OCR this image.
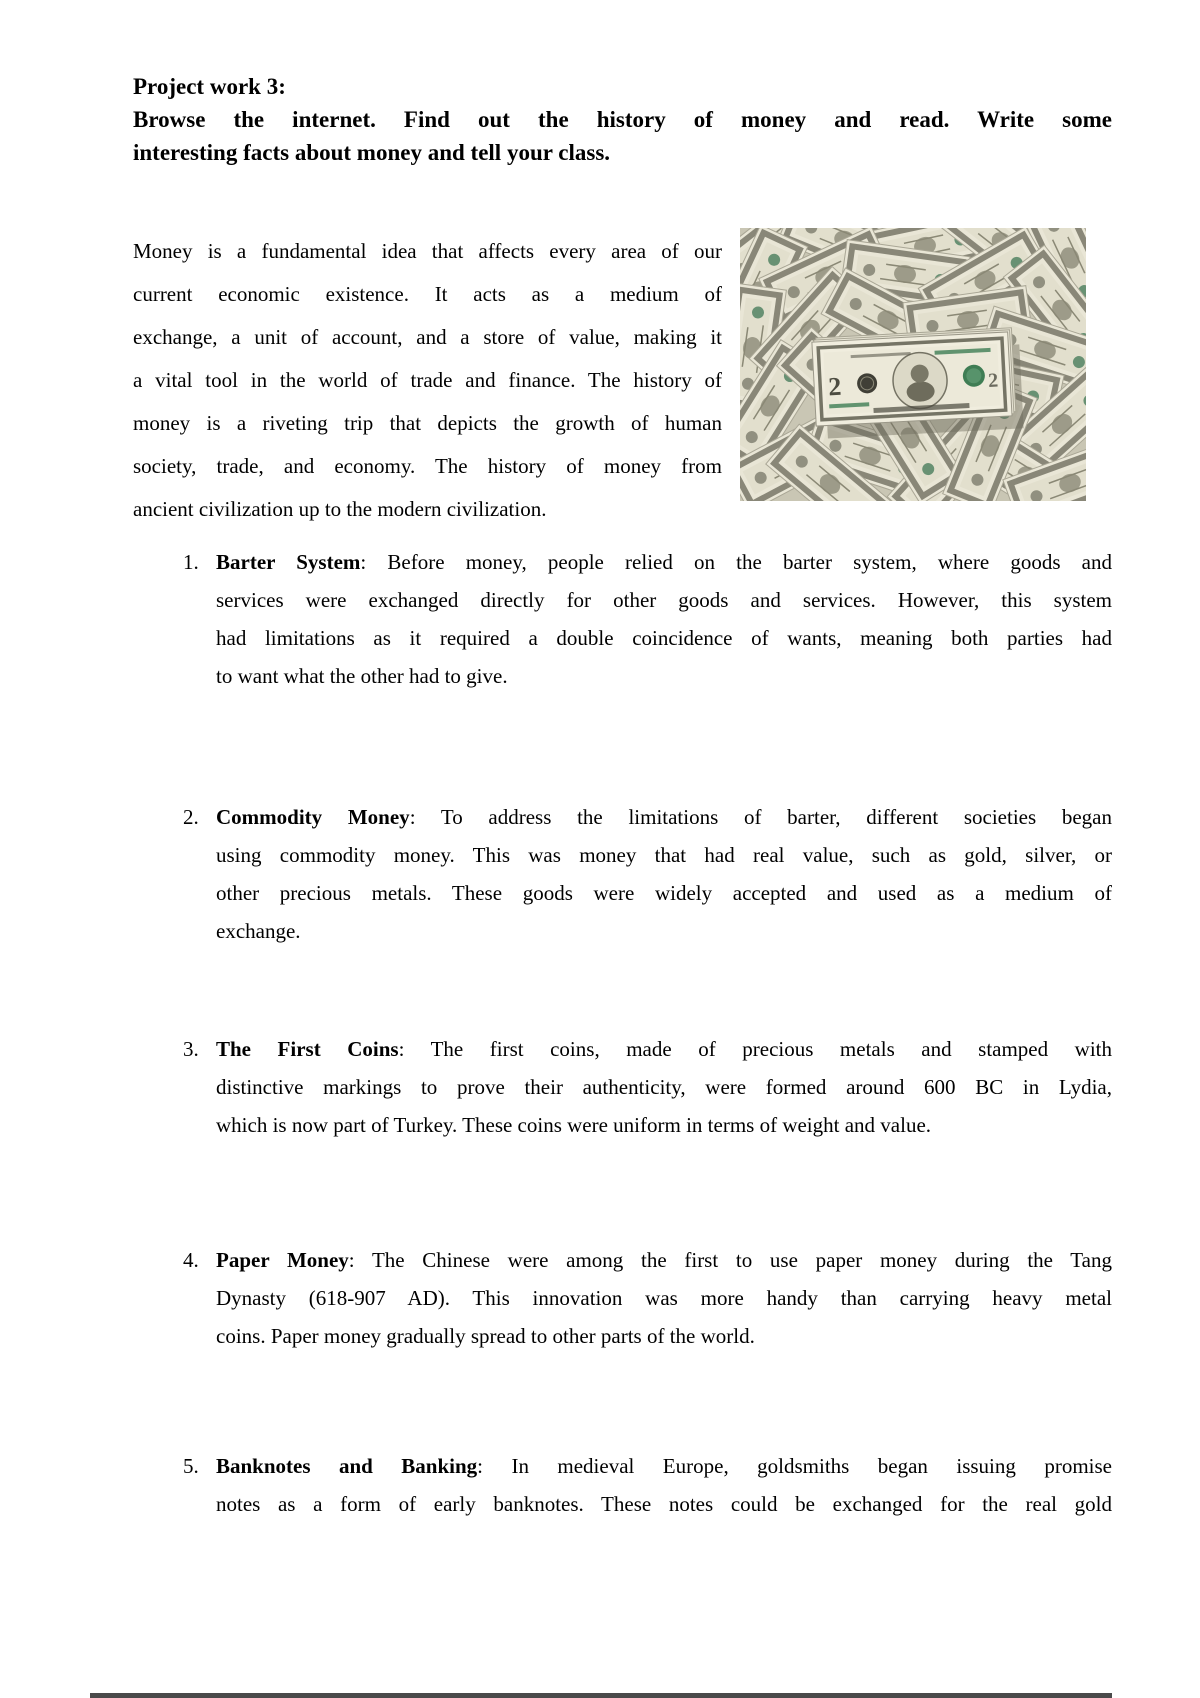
Project work 3:
Browse the internet. Find out the history of money and read. Write some
interesting facts about money and tell your class.
Money is a fundamental idea that affects every area of our
current economic existence. It acts as a medium of
exchange, a unit of account, and a store of value, making it
a vital tool in the world of trade and finance. The history of
money is a riveting trip that depicts the growth of human
society, trade, and economy. The history of money from
ancient civilization up to the modern civilization.
2	2
1. Barter System: Before money, people relied on the barter system, where goods and
services were exchanged directly for other goods and services. However, this system
had limitations as it required a double coincidence of wants, meaning both parties had
to want what the other had to give.
2. Commodity Money: To address the limitations of barter, different societies began
using commodity money. This was money that had real value, such as gold, silver, or
other precious metals. These goods were widely accepted and used as a medium of
exchange.
3. The First Coins: The first coins, made of precious metals and stamped with
distinctive markings to prove their authenticity, were formed around 600 BC in Lydia,
which is now part of Turkey. These coins were uniform in terms of weight and value.
4. Paper Money: The Chinese were among the first to use paper money during the Tang
Dynasty (618-907 AD). This innovation was more handy than carrying heavy metal
coins. Paper money gradually spread to other parts of the world.
5. Banknotes and Banking: In medieval Europe, goldsmiths began issuing promise
notes as a form of early banknotes. These notes could be exchanged for the real gold
